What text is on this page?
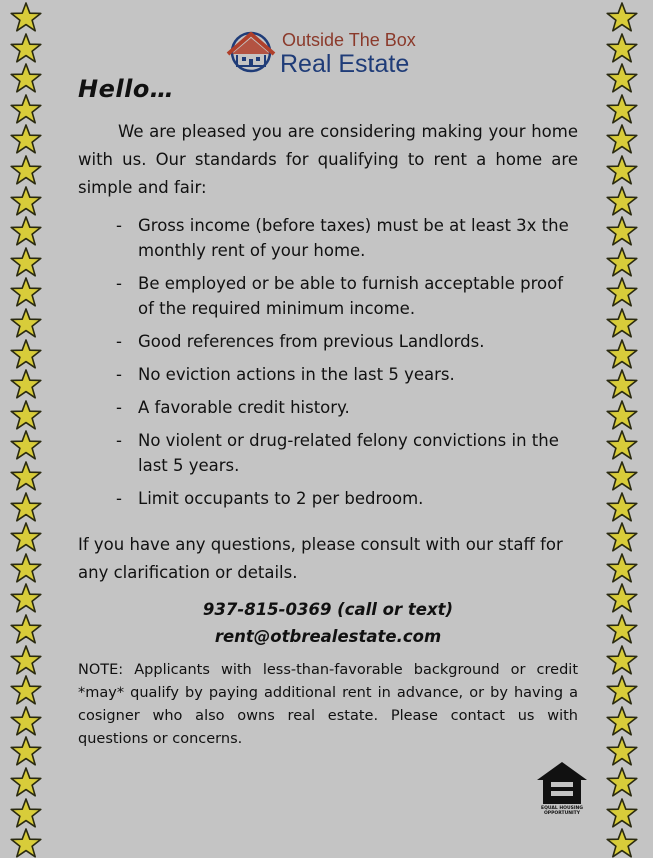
Outside The Box
Real Estate
Hello…
We are pleased you are considering making your home with us. Our standards for qualifying to rent a home are simple and fair:
- Gross income (before taxes) must be at least 3x the monthly rent of your home.
- Be employed or be able to furnish acceptable proof of the required minimum income.
- Good references from previous Landlords.
- No eviction actions in the last 5 years.
- A favorable credit history.
- No violent or drug-related felony convictions in the last 5 years.
- Limit occupants to 2 per bedroom.
If you have any questions, please consult with our staff for any clarification or details.
937-815-0369 (call or text)
rent@otbrealestate.com
NOTE: Applicants with less-than-favorable background or credit *may* qualify by paying additional rent in advance, or by having a cosigner who also owns real estate. Please contact us with questions or concerns.
EQUAL HOUSING OPPORTUNITY
